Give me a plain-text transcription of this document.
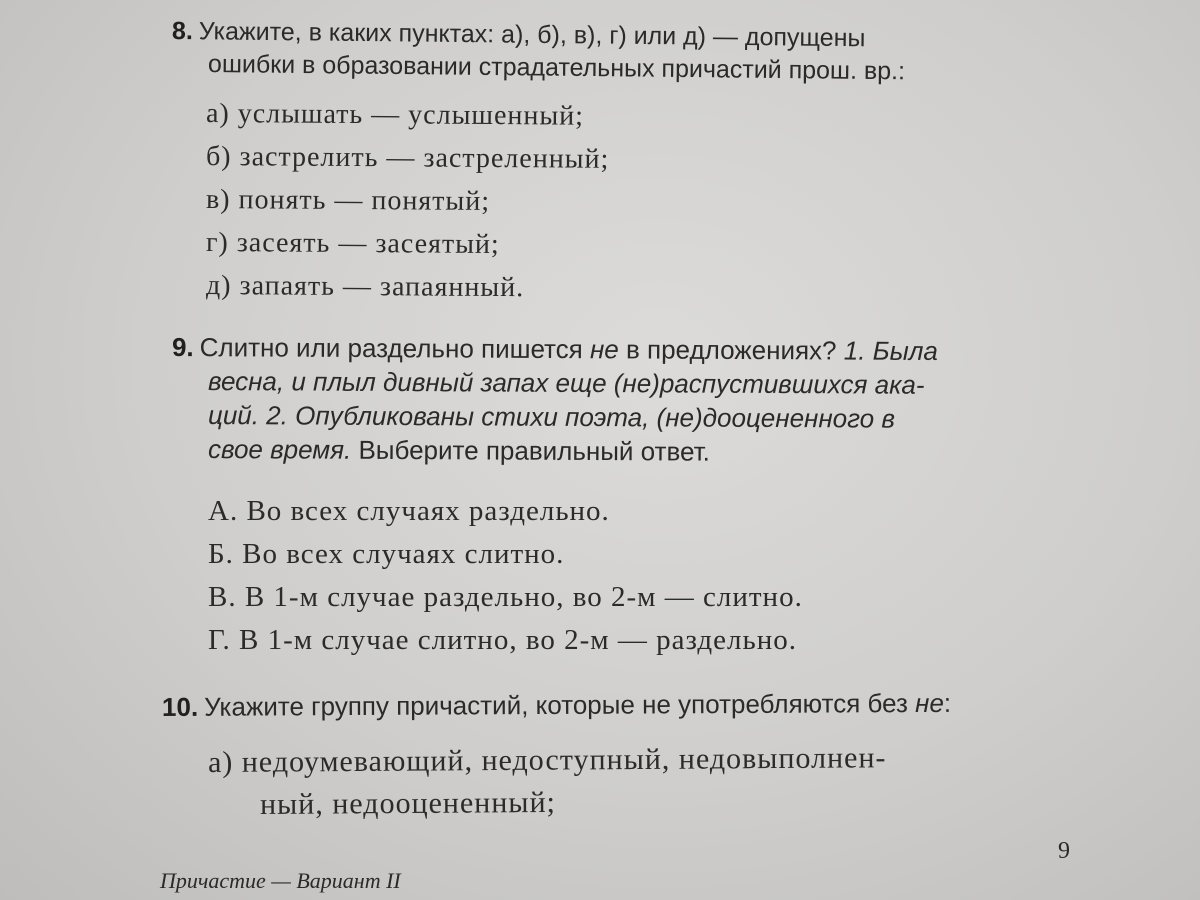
8. Укажите, в каких пунктах: а), б), в), г) или д) — допущены
ошибки в образовании страдательных причастий прош. вр.:
а) услышать — услышенный;
б) застрелить — застреленный;
в) понять — понятый;
г) засеять — засеятый;
д) запаять — запаянный.
9. Слитно или раздельно пишется не в предложениях? 1. Была
весна, и плыл дивный запах еще (не)распустившихся ака-
ций. 2. Опубликованы стихи поэта, (не)дооцененного в
свое время. Выберите правильный ответ.
А. Во всех случаях раздельно.
Б. Во всех случаях слитно.
В. В 1-м случае раздельно, во 2-м — слитно.
Г. В 1-м случае слитно, во 2-м — раздельно.
10. Укажите группу причастий, которые не употребляются без не:
а) недоумевающий, недоступный, недовыполнен-
ный, недооцененный;
9
Причастие — Вариант II
